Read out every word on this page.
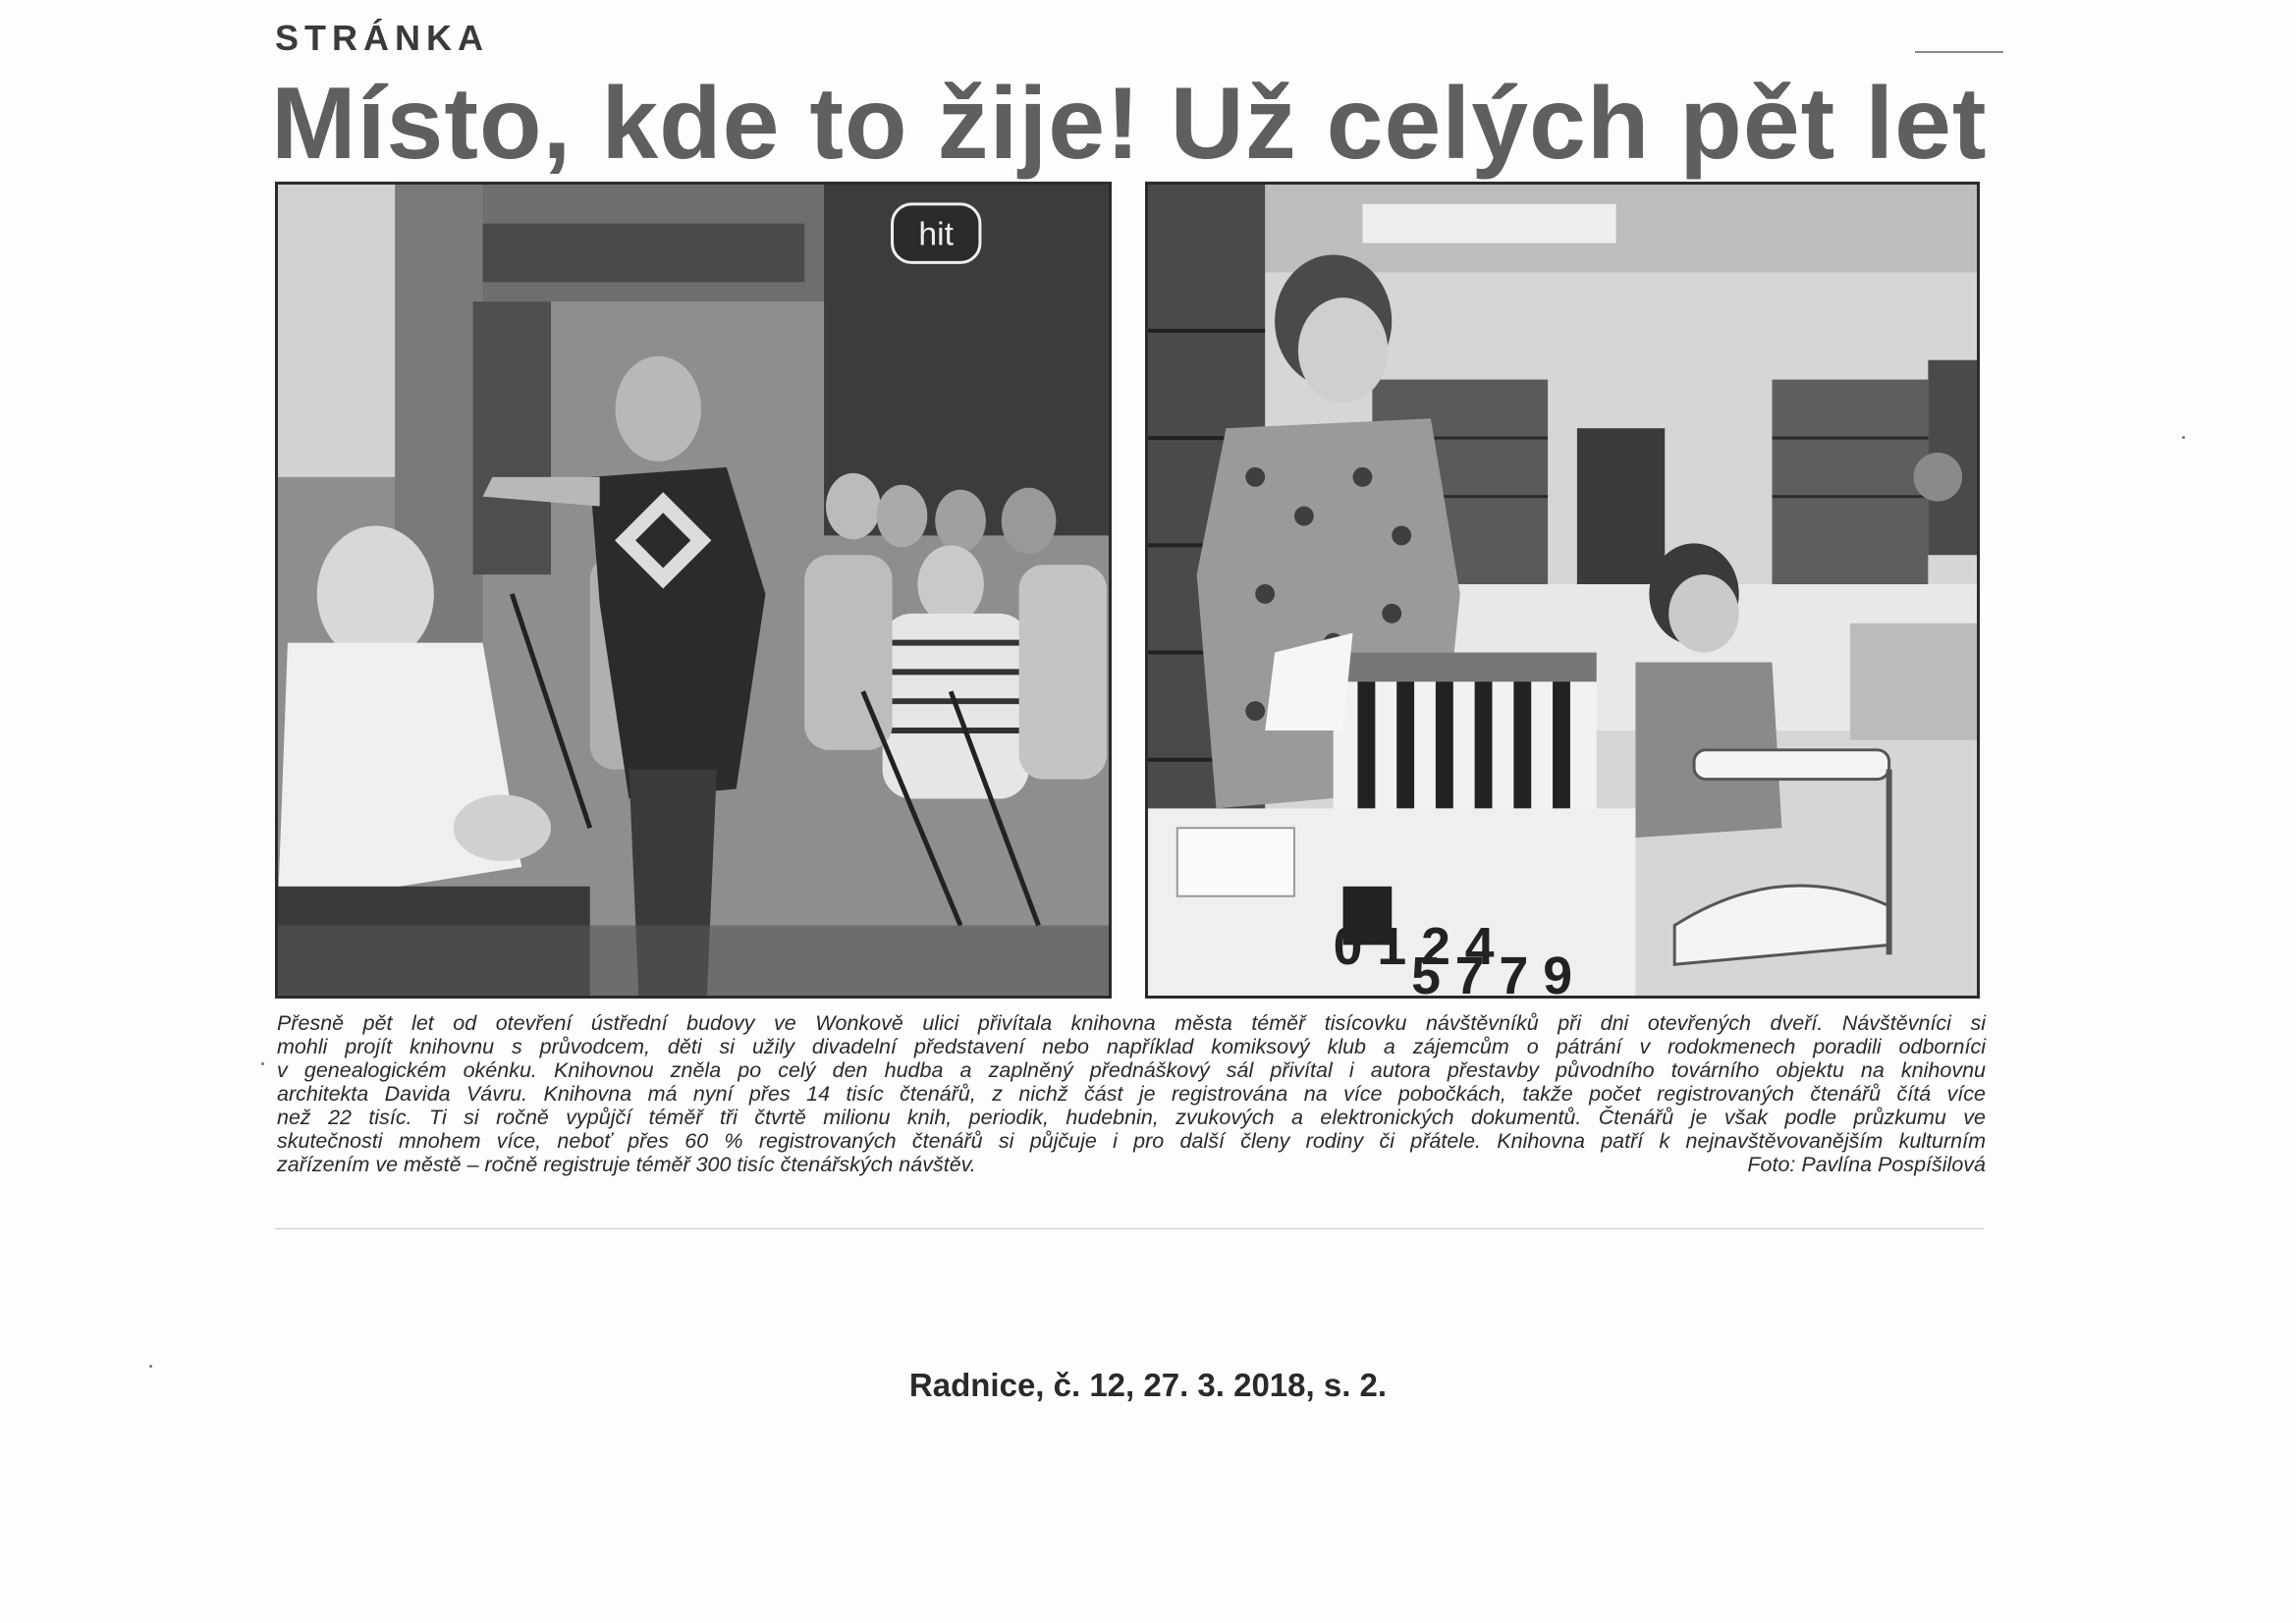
STRÁNKA
Místo, kde to žije! Už celých pět let
hit
0 1 2 4
5 7 7 9
Přesně pět let od otevření ústřední budovy ve Wonkově ulici přivítala knihovna města téměř tisícovku návštěvníků při dni otevřených dveří. Návštěvníci si
mohli projít knihovnu s průvodcem, děti si užily divadelní představení nebo například komiksový klub a zájemcům o pátrání v rodokmenech poradili odborníci
v genealogickém okénku. Knihovnou zněla po celý den hudba a zaplněný přednáškový sál přivítal i autora přestavby původního továrního objektu na knihovnu
architekta Davida Vávru. Knihovna má nyní přes 14 tisíc čtenářů, z nichž část je registrována na více pobočkách, takže počet registrovaných čtenářů čítá více
než 22 tisíc. Ti si ročně vypůjčí téměř tři čtvrtě milionu knih, periodik, hudebnin, zvukových a elektronických dokumentů. Čtenářů je však podle průzkumu ve
skutečnosti mnohem více, neboť přes 60 % registrovaných čtenářů si půjčuje i pro další členy rodiny či přátele. Knihovna patří k nejnavštěvovanějším kulturním
zařízením ve městě – ročně registruje téměř 300 tisíc čtenářských návštěv.	Foto: Pavlína Pospíšilová
Radnice, č. 12, 27. 3. 2018, s. 2.
